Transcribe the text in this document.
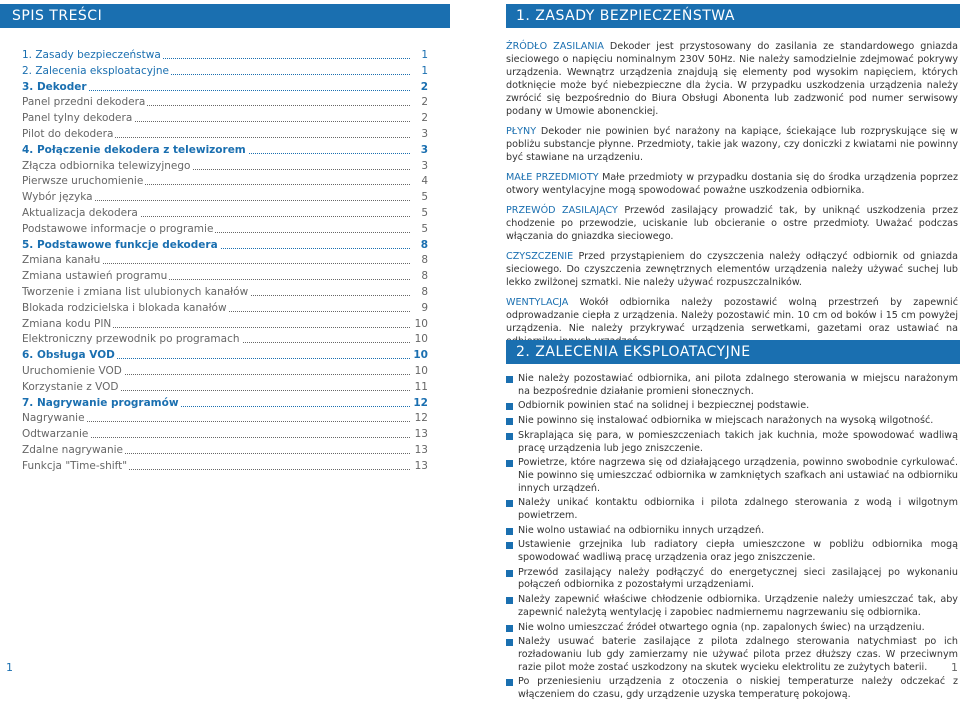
SPIS TREŚCI
1. Zasady bezpieczeństwa	1
2. Zalecenia eksploatacyjne	1
3. Dekoder	2
Panel przedni dekodera	2
Panel tylny dekodera	2
Pilot do dekodera	3
4. Połączenie dekodera z telewizorem	3
Złącza odbiornika telewizyjnego	3
Pierwsze uruchomienie	4
Wybór języka	5
Aktualizacja dekodera	5
Podstawowe informacje o programie	5
5. Podstawowe funkcje dekodera	8
Zmiana kanału	8
Zmiana ustawień programu	8
Tworzenie i zmiana list ulubionych kanałów	8
Blokada rodzicielska i blokada kanałów	9
Zmiana kodu PIN	10
Elektroniczny przewodnik po programach	10
6. Obsługa VOD	10
Uruchomienie VOD	10
Korzystanie z VOD	11
7. Nagrywanie programów	12
Nagrywanie	12
Odtwarzanie	13
Zdalne nagrywanie	13
Funkcja "Time-shift"	13
1
1. ZASADY BEZPIECZEŃSTWA

ŹRÓDŁO ZASILANIA Dekoder jest przystosowany do zasilania ze standardowego gniazda sieciowego o napięciu nominalnym 230V 50Hz. Nie należy samodzielnie zdejmować pokrywy urządzenia. Wewnątrz urządzenia znajdują się elementy pod wysokim napięciem, których dotknięcie może być niebezpieczne dla życia. W przypadku uszkodzenia urządzenia należy zwrócić się bezpośrednio do Biura Obsługi Abonenta lub zadzwonić pod numer serwisowy podany w Umowie abonenckiej.

PŁYNY Dekoder nie powinien być narażony na kapiące, ściekające lub rozpryskujące się w pobliżu substancje płynne. Przedmioty, takie jak wazony, czy doniczki z kwiatami nie powinny być stawiane na urządzeniu.

MAŁE PRZEDMIOTY Małe przedmioty w przypadku dostania się do środka urządzenia poprzez otwory wentylacyjne mogą spowodować poważne uszkodzenia odbiornika.

PRZEWÓD ZASILAJĄCY Przewód zasilający prowadzić tak, by uniknąć uszkodzenia przez chodzenie po przewodzie, uciskanie lub obcieranie o ostre przedmioty. Uważać podczas włączania do gniazdka sieciowego.

CZYSZCZENIE Przed przystąpieniem do czyszczenia należy odłączyć odbiornik od gniazda sieciowego. Do czyszczenia zewnętrznych elementów urządzenia należy używać suchej lub lekko zwilżonej szmatki. Nie należy używać rozpuszczalników.

WENTYLACJA Wokół odbiornika należy pozostawić wolną przestrzeń by zapewnić odprowadzanie ciepła z urządzenia. Należy pozostawić min. 10 cm od boków i 15 cm powyżej urządzenia. Nie należy przykrywać urządzenia serwetkami, gazetami oraz ustawiać na

2. ZALECENIA EKSPLOATACYJNE
Nie należy pozostawiać odbiornika, ani pilota zdalnego sterowania w miejscu narażonym na bezpośrednie działanie promieni słonecznych.
Odbiornik powinien stać na solidnej i bezpiecznej podstawie.
Nie powinno się instalować odbiornika w miejscach narażonych na wysoką wilgotność.
Skraplająca się para, w pomieszczeniach takich jak kuchnia, może spowodować wadliwą pracę urządzenia lub jego zniszczenie.
Powietrze, które nagrzewa się od działającego urządzenia, powinno swobodnie cyrkulować. Nie powinno się umieszczać odbiornika w zamkniętych szafkach ani ustawiać na odbiorniku innych urządzeń.
Należy unikać kontaktu odbiornika i pilota zdalnego sterowania z wodą i wilgotnym powietrzem.
Nie wolno ustawiać na odbiorniku innych urządzeń.
Ustawienie grzejnika lub radiatory ciepła umieszczone w pobliżu odbiornika mogą spowodować wadliwą pracę urządzenia oraz jego zniszczenie.
Przewód zasilający należy podłączyć do energetycznej sieci zasilającej po wykonaniu połączeń odbiornika z pozostałymi urządzeniami.
Należy zapewnić właściwe chłodzenie odbiornika. Urządzenie należy umieszczać tak, aby zapewnić należytą wentylację i zapobiec nadmiernemu nagrzewaniu się odbiornika.
Nie wolno umieszczać źródeł otwartego ognia (np. zapalonych świec) na urządzeniu.
Należy usuwać baterie zasilające z pilota zdalnego sterowania natychmiast po ich rozładowaniu lub gdy zamierzamy nie używać pilota przez dłuższy czas. W przeciwnym razie pilot może zostać uszkodzony na skutek wycieku elektrolitu ze zużytych baterii.
Po przeniesieniu urządzenia z otoczenia o niskiej temperaturze należy odczekać z włączeniem do czasu, gdy urządzenie uzyska temperaturę pokojową.
1
